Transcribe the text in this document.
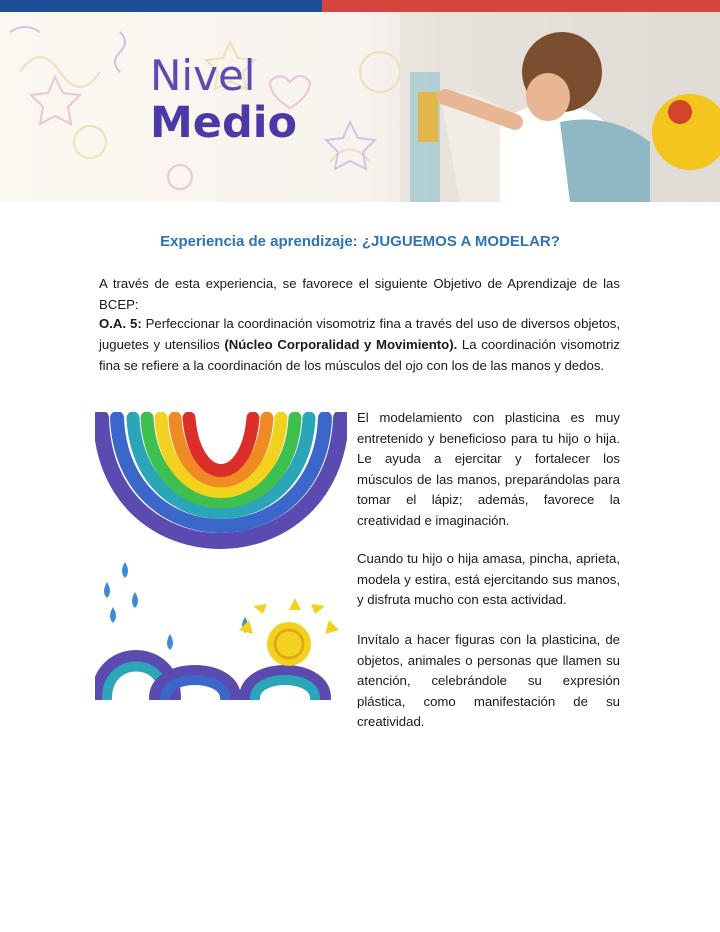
Nivel
Medio
Experiencia de aprendizaje: ¿JUGUEMOS A MODELAR?
A través de esta experiencia, se favorece el siguiente Objetivo de Aprendizaje de las BCEP:
O.A. 5: Perfeccionar la coordinación visomotriz fina a través del uso de diversos objetos, juguetes y utensilios (Núcleo Corporalidad y Movimiento). La coordinación visomotriz fina se refiere a la coordinación de los músculos del ojo con los de las manos y dedos.
El modelamiento con plasticina es muy entretenido y beneficioso para tu hijo o hija. Le ayuda a ejercitar y fortalecer los músculos de las manos, preparándolas para tomar el lápiz; además, favorece la creatividad e imaginación.
Cuando tu hijo o hija amasa, pincha, aprieta, modela y estira, está ejercitando sus manos, y disfruta mucho con esta actividad.
Invítalo a hacer figuras con la plasticina, de objetos, animales o personas que llamen su atención, celebrándole su expresión plástica, como manifestación de su creatividad.
